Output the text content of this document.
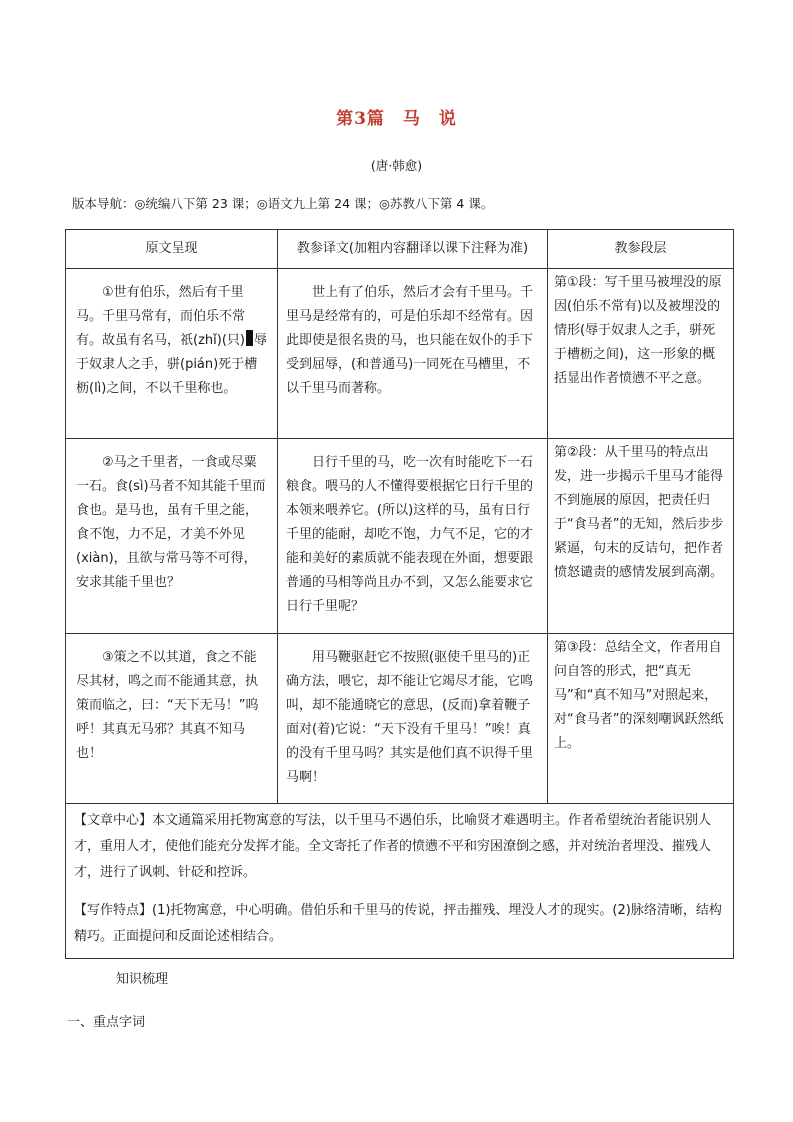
第3篇　马　说
(唐·韩愈)
版本导航：◎统编八下第 23 课；◎语文九上第 24 课；◎苏教八下第 4 课。
原文呈现	教参译文(加粗内容翻译以课下注释为准)	教参段层
①世有伯乐，然后有千里马。千里马常有，而伯乐不常有。故虽有名马，祇(zhǐ)(只) 辱于奴隶人之手，骈(pián)死于槽枥(lì)之间，不以千里称也。	世上有了伯乐，然后才会有千里马。千里马是经常有的，可是伯乐却不经常有。因此即使是很名贵的马，也只能在奴仆的手下受到屈辱，(和普通马)一同死在马槽里，不以千里马而著称。	第①段：写千里马被埋没的原因(伯乐不常有)以及被埋没的情形(辱于奴隶人之手，骈死于槽枥之间)，这一形象的概括显出作者愤懑不平之意。
②马之千里者，一食或尽粟一石。食(sì)马者不知其能千里而食也。是马也，虽有千里之能，食不饱，力不足，才美不外见(xiàn)，且欲与常马等不可得，安求其能千里也？	日行千里的马，吃一次有时能吃下一石粮食。喂马的人不懂得要根据它日行千里的本领来喂养它。(所以)这样的马，虽有日行千里的能耐，却吃不饱，力气不足，它的才能和美好的素质就不能表现在外面，想要跟普通的马相等尚且办不到，又怎么能要求它日行千里呢？	第②段：从千里马的特点出发，进一步揭示千里马才能得不到施展的原因，把责任归于“食马者”的无知，然后步步紧逼，句末的反诘句，把作者愤怒谴责的感情发展到高潮。
③策之不以其道，食之不能尽其材，鸣之而不能通其意，执策而临之，曰：“天下无马！”呜呼！其真无马邪？其真不知马也！	用马鞭驱赶它不按照(驱使千里马的)正确方法，喂它，却不能让它竭尽才能，它鸣叫，却不能通晓它的意思，(反而)拿着鞭子面对(着)它说：“天下没有千里马！”唉！真的没有千里马吗？其实是他们真不识得千里马啊！	第③段：总结全文，作者用自问自答的形式，把“真无马”和“真不知马”对照起来，对“食马者”的深刻嘲讽跃然纸上。

【文章中心】本文通篇采用托物寓意的写法，以千里马不遇伯乐，比喻贤才难遇明主。作者希望统治者能识别人才，重用人才，使他们能充分发挥才能。全文寄托了作者的愤懑不平和穷困潦倒之感，并对统治者埋没、摧残人才，进行了讽刺、针砭和控诉。

【写作特点】(1)托物寓意，中心明确。借伯乐和千里马的传说，抨击摧残、埋没人才的现实。(2)脉络清晰，结构精巧。正面提问和反面论述相结合。		

知识梳理
一、重点字词
